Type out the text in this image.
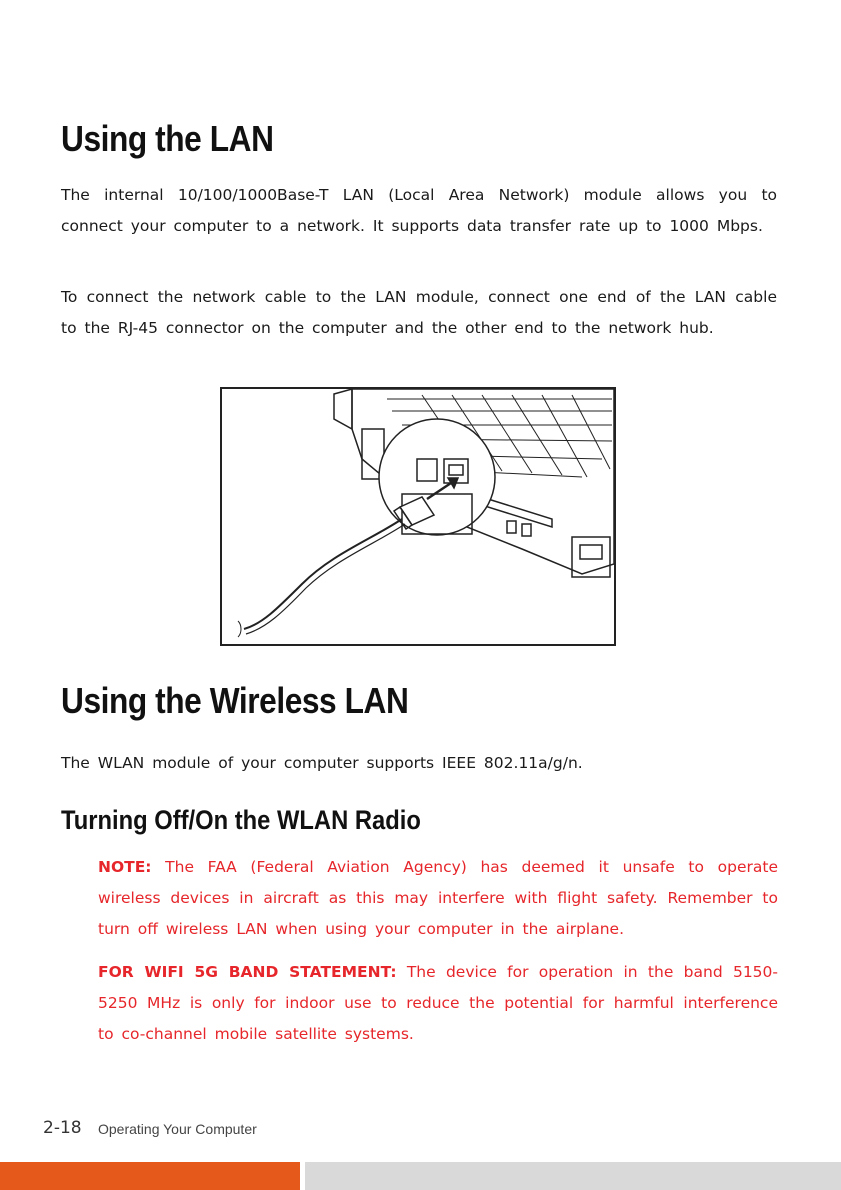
Using the LAN

The internal 10/100/1000Base-T LAN (Local Area Network) module allows you to connect your computer to a network. It supports data transfer rate up to 1000 Mbps.

To connect the network cable to the LAN module, connect one end of the LAN cable to the RJ-45 connector on the computer and the other end to the network hub.

Using the Wireless LAN

The WLAN module of your computer supports IEEE 802.11a/g/n.

Turning Off/On the WLAN Radio

NOTE: The FAA (Federal Aviation Agency) has deemed it unsafe to operate wireless devices in aircraft as this may interfere with flight safety. Remember to turn off wireless LAN when using your computer in the airplane.

FOR WIFI 5G BAND STATEMENT: The device for operation in the band 5150-5250 MHz is only for indoor use to reduce the potential for harmful interference to co-channel mobile satellite systems.

2-18 Operating Your Computer
